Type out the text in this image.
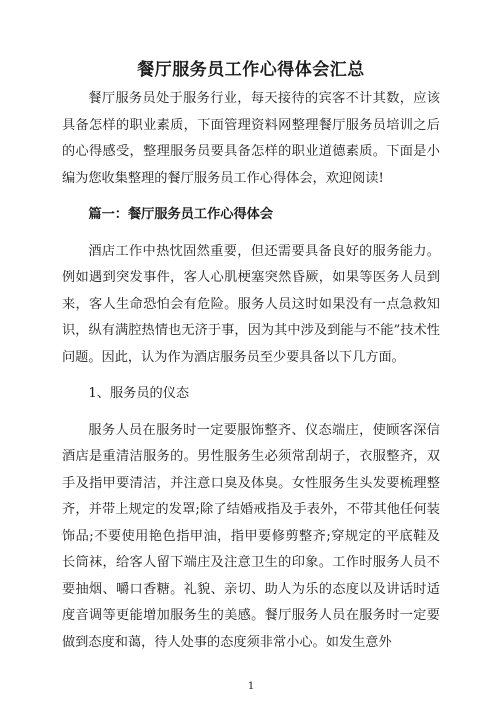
餐厅服务员工作心得体会汇总

餐厅服务员处于服务行业，每天接待的宾客不计其数，应该具备怎样的职业素质，下面管理资料网整理餐厅服务员培训之后的心得感受，整理服务员要具备怎样的职业道德素质。下面是小编为您收集整理的餐厅服务员工作心得体会，欢迎阅读!

篇一：餐厅服务员工作心得体会

酒店工作中热忱固然重要，但还需要具备良好的服务能力。例如遇到突发事件，客人心肌梗塞突然昏厥，如果等医务人员到来，客人生命恐怕会有危险。服务人员这时如果没有一点急救知识，纵有满腔热情也无济于事，因为其中涉及到能与不能”技术性问题。因此，认为作为酒店服务员至少要具备以下几方面。

1、服务员的仪态

服务人员在服务时一定要服饰整齐、仪态端庄，使顾客深信酒店是重清洁服务的。男性服务生必须常刮胡子，衣服整齐，双手及指甲要清洁，并注意口臭及体臭。女性服务生头发要梳理整齐，并带上规定的发罩;除了结婚戒指及手表外，不带其他任何装饰品;不要使用艳色指甲油，指甲要修剪整齐;穿规定的平底鞋及长筒袜，给客人留下端庄及注意卫生的印象。工作时服务人员不要抽烟、嚼口香糖。礼貌、亲切、助人为乐的态度以及讲话时适度音调等更能增加服务生的美感。餐厅服务人员在服务时一定要做到态度和蔼，待人处事的态度须非常小心。如发生意外

1
